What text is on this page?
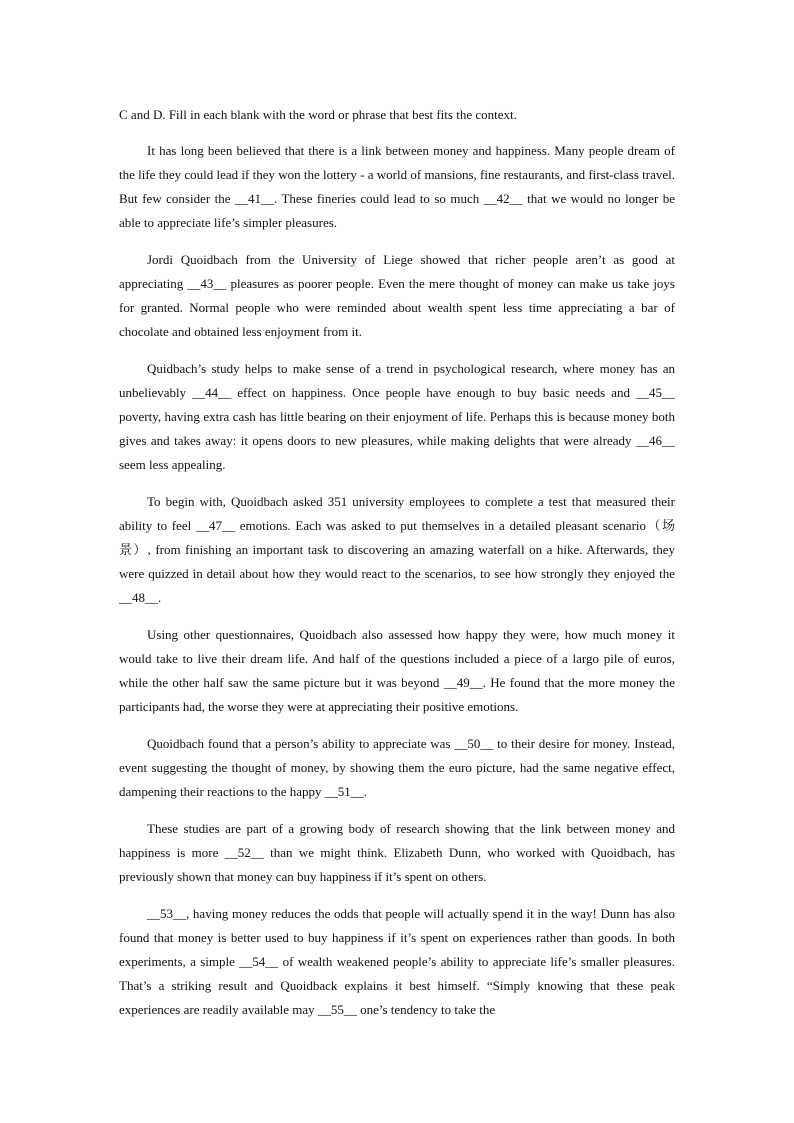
C and D. Fill in each blank with the word or phrase that best fits the context.

It has long been believed that there is a link between money and happiness. Many people dream of the life they could lead if they won the lottery - a world of mansions, fine restaurants, and first-class travel. But few consider the __41__. These fineries could lead to so much __42__ that we would no longer be able to appreciate life’s simpler pleasures.

Jordi Quoidbach from the University of Liege showed that richer people aren’t as good at appreciating __43__ pleasures as poorer people. Even the mere thought of money can make us take joys for granted. Normal people who were reminded about wealth spent less time appreciating a bar of chocolate and obtained less enjoyment from it.

Quidbach’s study helps to make sense of a trend in psychological research, where money has an unbelievably __44__ effect on happiness. Once people have enough to buy basic needs and __45__ poverty, having extra cash has little bearing on their enjoyment of life. Perhaps this is because money both gives and takes away: it opens doors to new pleasures, while making delights that were already __46__ seem less appealing.

To begin with, Quoidbach asked 351 university employees to complete a test that measured their ability to feel __47__ emotions. Each was asked to put themselves in a detailed pleasant scenario（场景）, from finishing an important task to discovering an amazing waterfall on a hike. Afterwards, they were quizzed in detail about how they would react to the scenarios, to see how strongly they enjoyed the __48__.

Using other questionnaires, Quoidbach also assessed how happy they were, how much money it would take to live their dream life. And half of the questions included a piece of a largo pile of euros, while the other half saw the same picture but it was beyond __49__. He found that the more money the participants had, the worse they were at appreciating their positive emotions.

Quoidbach found that a person’s ability to appreciate was __50__ to their desire for money. Instead, event suggesting the thought of money, by showing them the euro picture, had the same negative effect, dampening their reactions to the happy __51__.

These studies are part of a growing body of research showing that the link between money and happiness is more __52__ than we might think. Elizabeth Dunn, who worked with Quoidbach, has previously shown that money can buy happiness if it’s spent on others.

__53__, having money reduces the odds that people will actually spend it in the way! Dunn has also found that money is better used to buy happiness if it’s spent on experiences rather than goods. In both experiments, a simple __54__ of wealth weakened people’s ability to appreciate life’s smaller pleasures. That’s a striking result and Quoidback explains it best himself. “Simply knowing that these peak experiences are readily available may __55__ one’s tendency to take the
